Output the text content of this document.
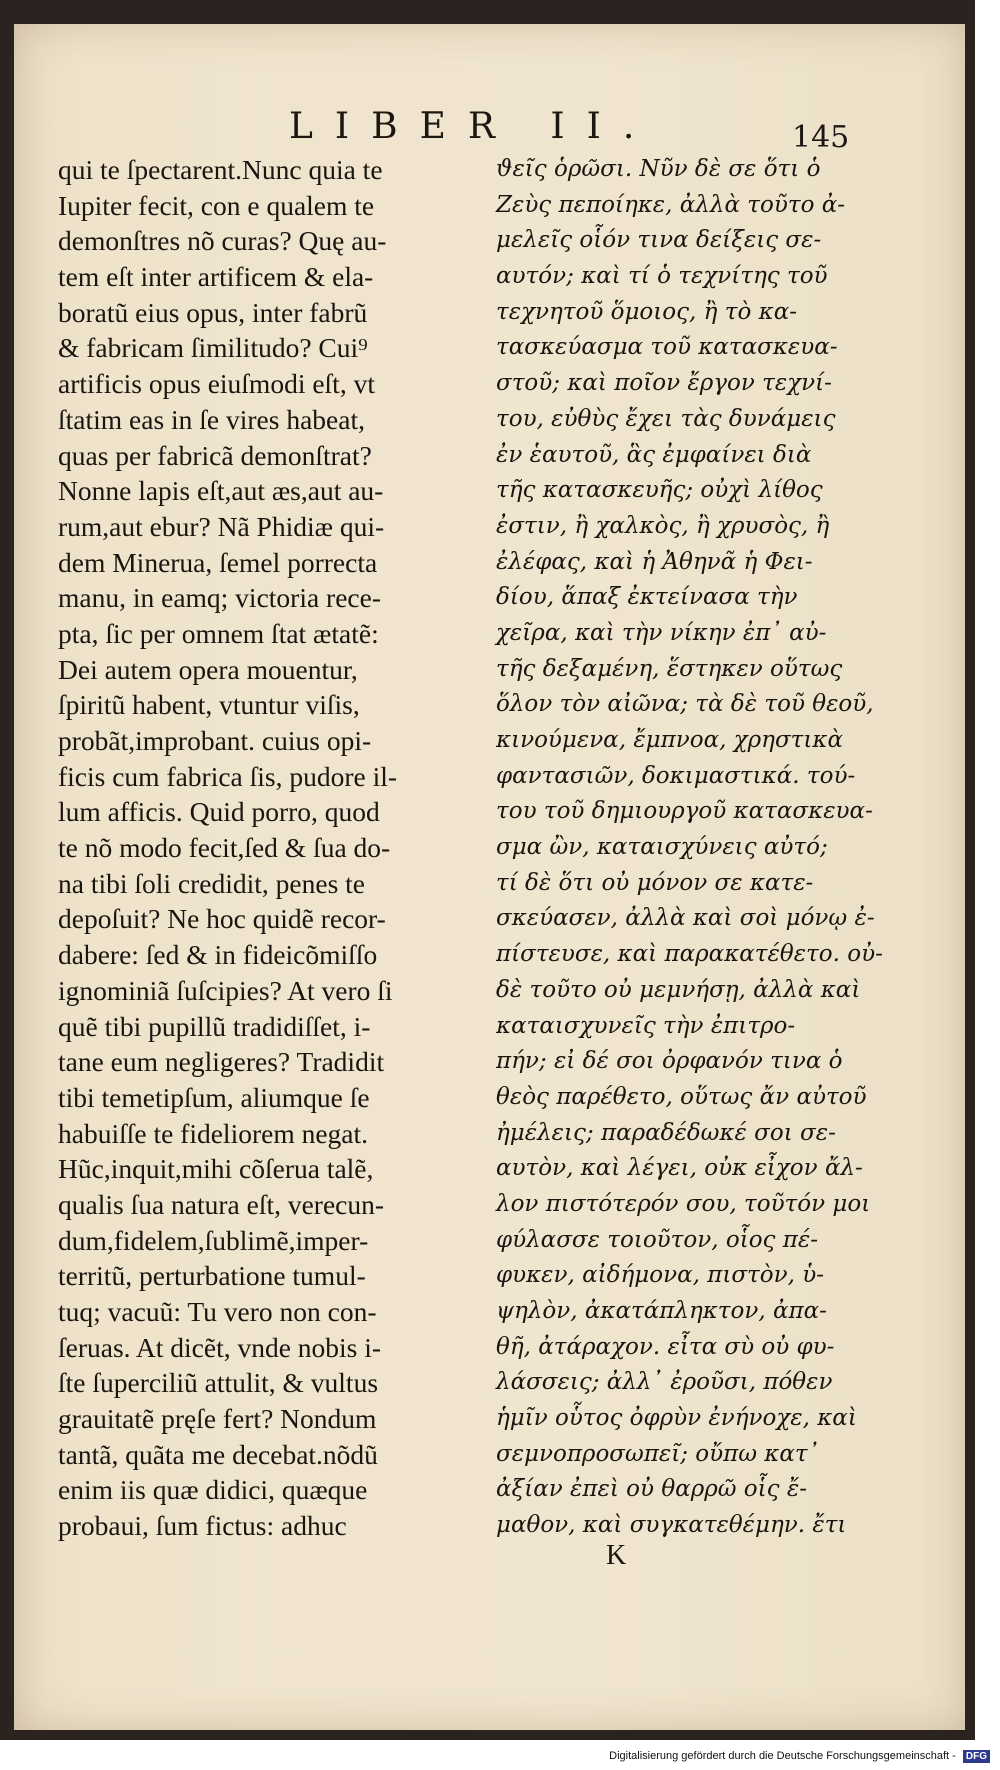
LIBER II.	145
qui te ſpectarent.Nunc quia te
Iupiter fecit, con e qualem te
demonſtres nõ curas? Quę au-
tem eſt inter artificem & ela-
boratũ eius opus, inter fabrũ
& fabricam ſimilitudo? Cui⁹
artificis opus eiuſmodi eſt, vt
ſtatim eas in ſe vires habeat,
quas per fabricã demonſtrat?
Nonne lapis eſt,aut æs,aut au-
rum,aut ebur? Nã Phidiæ qui-
dem Minerua, ſemel porrecta
manu, in eamq; victoria rece-
pta, ſic per omnem ſtat ætatẽ:
Dei autem opera mouentur,
ſpiritũ habent, vtuntur viſis,
probãt,improbant. cuius opi-
ficis cum fabrica ſis, pudore il-
lum afficis. Quid porro, quod
te nõ modo fecit,ſed & ſua do-
na tibi ſoli credidit, penes te
depoſuit? Ne hoc quidẽ recor-
dabere: ſed & in fideicõmiſſo
ignominiã ſuſcipies? At vero ſi
quẽ tibi pupillũ tradidiſſet, i-
tane eum negligeres? Tradidit
tibi temetipſum, aliumque ſe
habuiſſe te fideliorem negat.
Hũc,inquit,mihi cõſerua talẽ,
qualis ſua natura eſt, verecun-
dum,fidelem,ſublimẽ,imper-
territũ, perturbatione tumul-
tuq; vacuũ: Tu vero non con-
ſeruas. At dicẽt, vnde nobis i-
ſte ſuperciliũ attulit, & vultus
grauitatẽ pręſe fert? Nondum
tantã, quãta me decebat.nõdũ
enim iis quæ didici, quæque
probaui, ſum fictus: adhuc
ϑεῖς ὁρῶσι. Νῦν δὲ σε ὅτι ὁ
Ζεὺς πεποίηκε, ἀλλὰ τοῦτο ἀ-
μελεῖς οἷόν τινα δείξεις σε-
αυτόν; καὶ τί ὁ τεχνίτης τοῦ
τεχνητοῦ ὅμοιος, ἢ τὸ κα-
τασκεύασμα τοῦ κατασκευα-
στοῦ; καὶ ποῖον ἔργον τεχνί-
του, εὐθὺς ἔχει τὰς δυνάμεις
ἐν ἑαυτοῦ, ἃς ἐμφαίνει διὰ
τῆς κατασκευῆς; οὐχὶ λίθος
ἐστιν, ἢ χαλκὸς, ἢ χρυσὸς, ἢ
ἐλέφας, καὶ ἡ Ἀθηνᾶ ἡ Φει-
δίου, ἅπαξ ἐκτείνασα τὴν
χεῖρα, καὶ τὴν νίκην ἐπ᾽ αὐ-
τῆς δεξαμένη, ἕστηκεν οὕτως
ὅλον τὸν αἰῶνα; τὰ δὲ τοῦ θεοῦ,
κινούμενα, ἔμπνοα, χρηστικὰ
φαντασιῶν, δοκιμαστικά. τού-
του τοῦ δημιουργοῦ κατασκευα-
σμα ὢν, καταισχύνεις αὐτό;
τί δὲ ὅτι οὐ μόνον σε κατε-
σκεύασεν, ἀλλὰ καὶ σοὶ μόνῳ ἐ-
πίστευσε, καὶ παρακατέθετο. οὐ-
δὲ τοῦτο οὐ μεμνήσῃ, ἀλλὰ καὶ
καταισχυνεῖς τὴν ἐπιτρο-
πήν; εἰ δέ σοι ὀρφανόν τινα ὁ
θεὸς παρέθετο, οὕτως ἄν αὐτοῦ
ἠμέλεις; παραδέδωκέ σοι σε-
αυτὸν, καὶ λέγει, οὐκ εἶχον ἄλ-
λον πιστότερόν σου, τοῦτόν μοι
φύλασσε τοιοῦτον, οἷος πέ-
φυκεν, αἰδήμονα, πιστὸν, ὑ-
ψηλὸν, ἀκατάπληκτον, ἀπα-
θῆ, ἀτάραχον. εἶτα σὺ οὐ φυ-
λάσσεις; ἀλλ᾽ ἐροῦσι, πόθεν
ἡμῖν οὗτος ὀφρὺν ἐνήνοχε, καὶ
σεμνοπροσωπεῖ; οὔπω κατ᾽
ἀξίαν ἐπεὶ οὐ θαρρῶ οἷς ἔ-
μαθον, καὶ συγκατεθέμην. ἔτι
K
Digitalisierung gefördert durch die Deutsche Forschungsgemeinschaft - DFG
